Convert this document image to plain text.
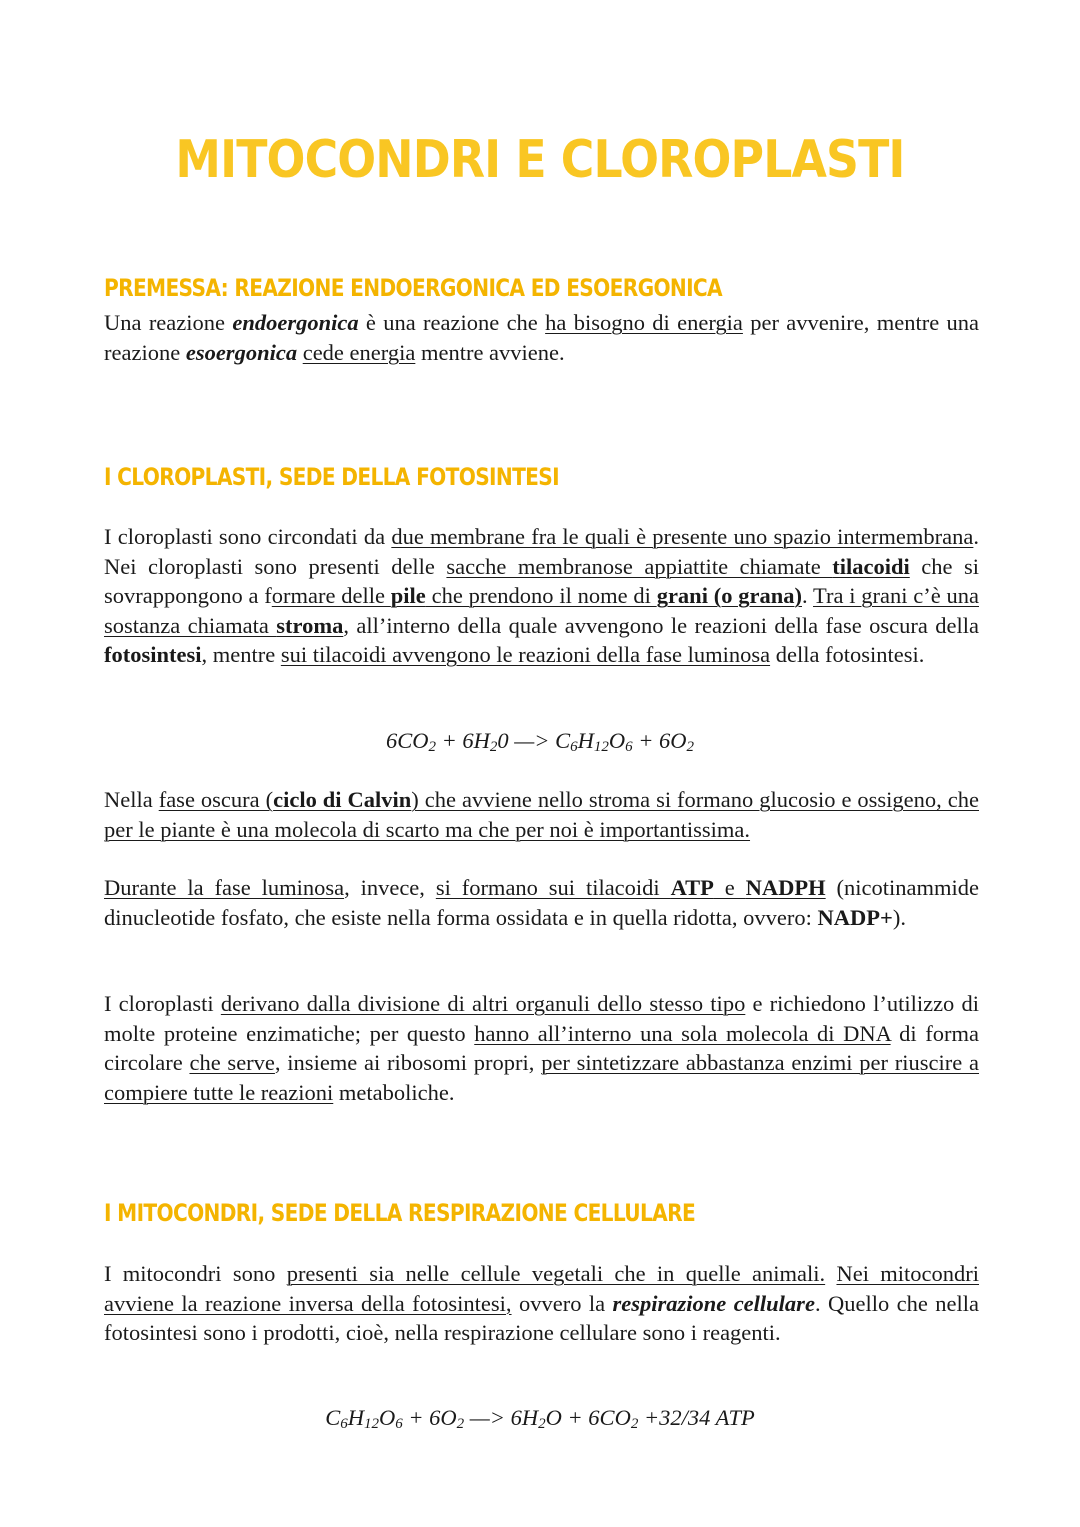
MITOCONDRI E CLOROPLASTI
PREMESSA: REAZIONE ENDOERGONICA ED ESOERGONICA

Una reazione endoergonica è una reazione che ha bisogno di energia per avvenire, mentre una reazione esoergonica cede energia mentre avviene.

I CLOROPLASTI, SEDE DELLA FOTOSINTESI

I cloroplasti sono circondati da due membrane fra le quali è presente uno spazio intermembrana. Nei cloroplasti sono presenti delle sacche membranose appiattite chiamate tilacoidi che si sovrappongono a formare delle pile che prendono il nome di grani (o grana). Tra i grani c’è una sostanza chiamata stroma, all’interno della quale avvengono le reazioni della fase oscura della fotosintesi, mentre sui tilacoidi avvengono le reazioni della fase luminosa della fotosintesi.

$6CO_2 + 6H_20$ —> $C_6H_{12}O_6 + 6O_2$

Nella fase oscura (ciclo di Calvin) che avviene nello stroma si formano glucosio e ossigeno, che per le piante è una molecola di scarto ma che per noi è importantissima.

Durante la fase luminosa, invece, si formano sui tilacoidi ATP e NADPH (nicotinammide dinucleotide fosfato, che esiste nella forma ossidata e in quella ridotta, ovvero: NADP+).

I cloroplasti derivano dalla divisione di altri organuli dello stesso tipo e richiedono l’utilizzo di molte proteine enzimatiche; per questo hanno all’interno una sola molecola di DNA di forma circolare che serve, insieme ai ribosomi propri, per sintetizzare abbastanza enzimi per riuscire a compiere tutte le reazioni metaboliche.

I MITOCONDRI, SEDE DELLA RESPIRAZIONE CELLULARE

I mitocondri sono presenti sia nelle cellule vegetali che in quelle animali. Nei mitocondri avviene la reazione inversa della fotosintesi, ovvero la respirazione cellulare. Quello che nella fotosintesi sono i prodotti, cioè, nella respirazione cellulare sono i reagenti.

$C_6H_{12}O_6 + 6O_2$ —> $6H_2O + 6CO_2 +32/34$ ATP
